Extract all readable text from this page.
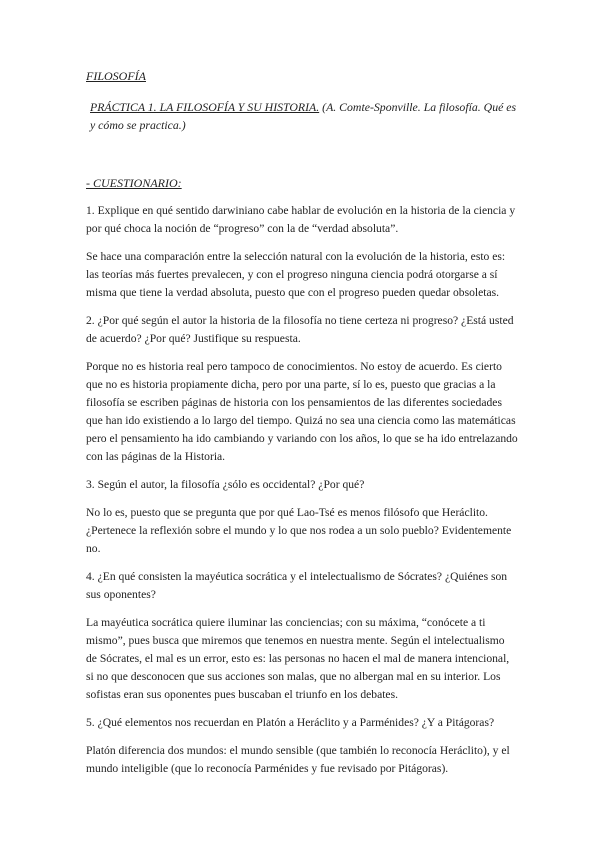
FILOSOFÍA

PRÁCTICA 1. LA FILOSOFÍA Y SU HISTORIA. (A. Comte-Sponville. La filosofía. Qué es y cómo se practica.)

- CUESTIONARIO:

1. Explique en qué sentido darwiniano cabe hablar de evolución en la historia de la ciencia y por qué choca la noción de “progreso” con la de “verdad absoluta”.

Se hace una comparación entre la selección natural con la evolución de la historia, esto es: las teorías más fuertes prevalecen, y con el progreso ninguna ciencia podrá otorgarse a sí misma que tiene la verdad absoluta, puesto que con el progreso pueden quedar obsoletas.

2. ¿Por qué según el autor la historia de la filosofía no tiene certeza ni progreso? ¿Está usted de acuerdo? ¿Por qué? Justifique su respuesta.

Porque no es historia real pero tampoco de conocimientos. No estoy de acuerdo. Es cierto que no es historia propiamente dicha, pero por una parte, sí lo es, puesto que gracias a la filosofía se escriben páginas de historia con los pensamientos de las diferentes sociedades que han ido existiendo a lo largo del tiempo. Quizá no sea una ciencia como las matemáticas pero el pensamiento ha ido cambiando y variando con los años, lo que se ha ido entrelazando con las páginas de la Historia.

3. Según el autor, la filosofía ¿sólo es occidental? ¿Por qué?

No lo es, puesto que se pregunta que por qué Lao-Tsé es menos filósofo que Heráclito. ¿Pertenece la reflexión sobre el mundo y lo que nos rodea a un solo pueblo? Evidentemente no.

4. ¿En qué consisten la mayéutica socrática y el intelectualismo de Sócrates? ¿Quiénes son sus oponentes?

La mayéutica socrática quiere iluminar las conciencias; con su máxima, “conócete a ti mismo”, pues busca que miremos que tenemos en nuestra mente. Según el intelectualismo de Sócrates, el mal es un error, esto es: las personas no hacen el mal de manera intencional, si no que desconocen que sus acciones son malas, que no albergan mal en su interior. Los sofistas eran sus oponentes pues buscaban el triunfo en los debates.

5. ¿Qué elementos nos recuerdan en Platón a Heráclito y a Parménides? ¿Y a Pitágoras?

Platón diferencia dos mundos: el mundo sensible (que también lo reconocía Heráclito), y el mundo inteligible (que lo reconocía Parménides y fue revisado por Pitágoras).
